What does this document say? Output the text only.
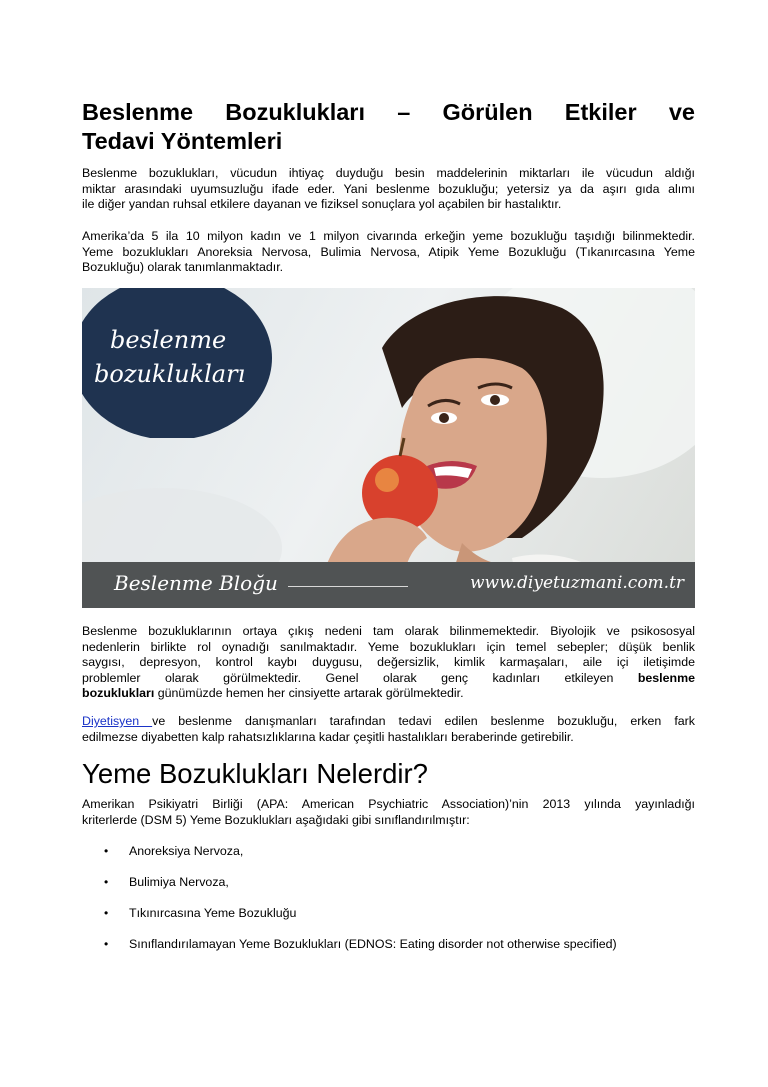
Beslenme Bozuklukları – Görülen Etkiler ve
Tedavi Yöntemleri

Beslenme bozuklukları, vücudun ihtiyaç duyduğu besin maddelerinin miktarları ile vücudun aldığı
miktar arasındaki uyumsuzluğu ifade eder. Yani beslenme bozukluğu; yetersiz ya da aşırı gıda alımı
ile diğer yandan ruhsal etkilere dayanan ve fiziksel sonuçlara yol açabilen bir hastalıktır.

Amerika’da 5 ila 10 milyon kadın ve 1 milyon civarında erkeğin yeme bozukluğu taşıdığı bilinmektedir.
Yeme bozuklukları Anoreksia Nervosa, Bulimia Nervosa, Atipik Yeme Bozukluğu (Tıkanırcasına Yeme
Bozukluğu) olarak tanımlanmaktadır.

beslenme
bozuklukları
Beslenme Bloğu	www.diyetuzmani.com.tr

Beslenme bozukluklarının ortaya çıkış nedeni tam olarak bilinmemektedir. Biyolojik ve psikososyal
nedenlerin birlikte rol oynadığı sanılmaktadır. Yeme bozuklukları için temel sebepler; düşük benlik
saygısı, depresyon, kontrol kaybı duygusu, değersizlik, kimlik karmaşaları, aile içi iletişimde
problemler olarak görülmektedir. Genel olarak genç kadınları etkileyen beslenme
bozuklukları günümüzde hemen her cinsiyette artarak görülmektedir.

Diyetisyen ve beslenme danışmanları tarafından tedavi edilen beslenme bozukluğu, erken fark
edilmezse diyabetten kalp rahatsızlıklarına kadar çeşitli hastalıkları beraberinde getirebilir.

Yeme Bozuklukları Nelerdir?

Amerikan Psikiyatri Birliği (APA: American Psychiatric Association)’nin 2013 yılında yayınladığı
kriterlerde (DSM 5) Yeme Bozuklukları aşağıdaki gibi sınıflandırılmıştır:

• Anoreksiya Nervoza,
• Bulimiya Nervoza,
• Tıkınırcasına Yeme Bozukluğu
• Sınıflandırılamayan Yeme Bozuklukları (EDNOS: Eating disorder not otherwise specified)
